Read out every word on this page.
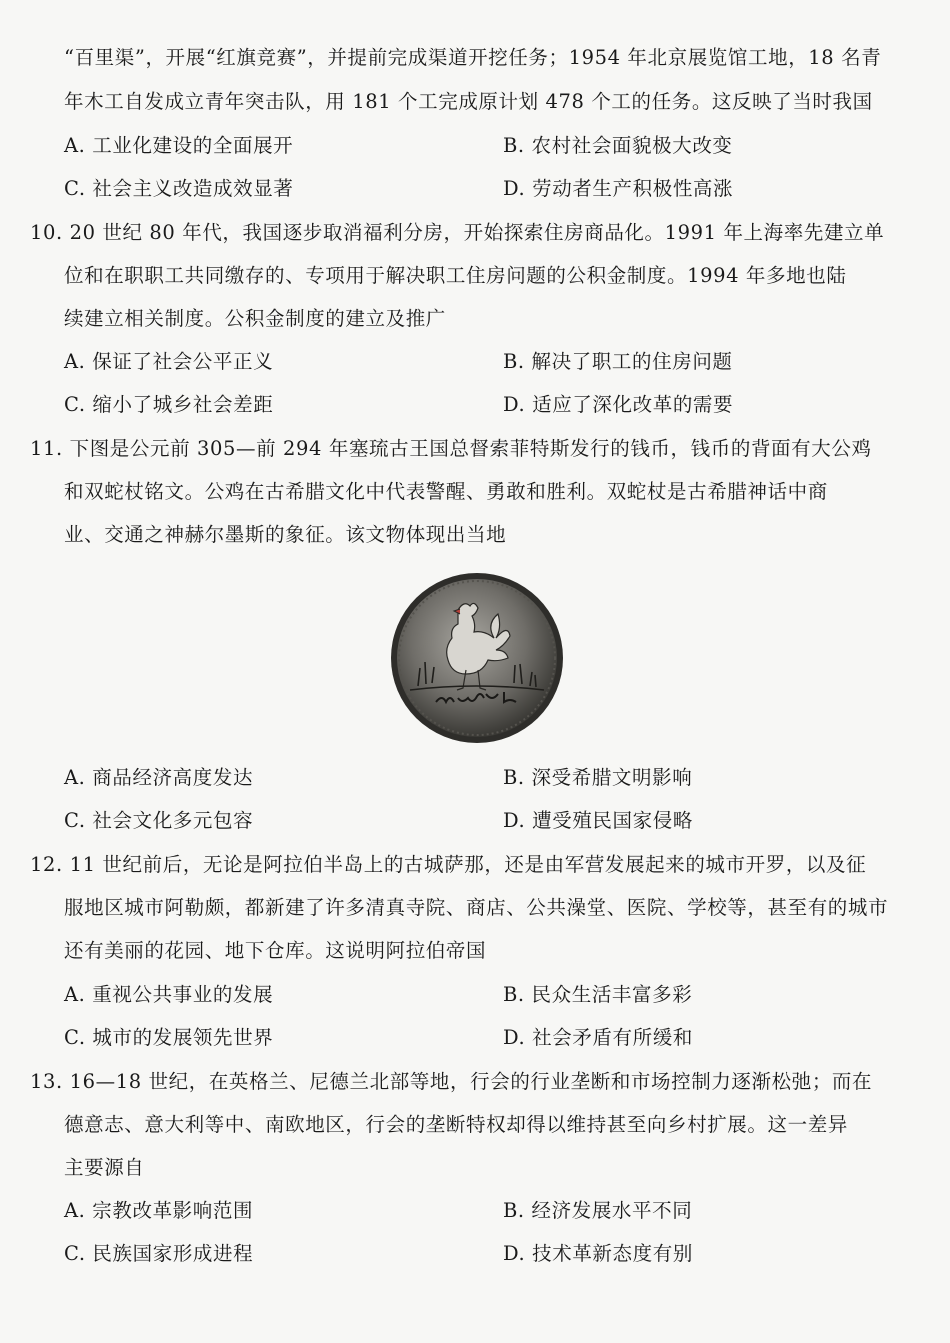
“百里渠”，开展“红旗竞赛”，并提前完成渠道开挖任务；1954 年北京展览馆工地，18 名青
年木工自发成立青年突击队，用 181 个工完成原计划 478 个工的任务。这反映了当时我国
A. 工业化建设的全面展开	B. 农村社会面貌极大改变
C. 社会主义改造成效显著	D. 劳动者生产积极性高涨
10. 20 世纪 80 年代，我国逐步取消福利分房，开始探索住房商品化。1991 年上海率先建立单
位和在职职工共同缴存的、专项用于解决职工住房问题的公积金制度。1994 年多地也陆
续建立相关制度。公积金制度的建立及推广
A. 保证了社会公平正义	B. 解决了职工的住房问题
C. 缩小了城乡社会差距	D. 适应了深化改革的需要
11. 下图是公元前 305—前 294 年塞琉古王国总督索菲特斯发行的钱币，钱币的背面有大公鸡
和双蛇杖铭文。公鸡在古希腊文化中代表警醒、勇敢和胜利。双蛇杖是古希腊神话中商
业、交通之神赫尔墨斯的象征。该文物体现出当地
A. 商品经济高度发达	B. 深受希腊文明影响
C. 社会文化多元包容	D. 遭受殖民国家侵略
12. 11 世纪前后，无论是阿拉伯半岛上的古城萨那，还是由军营发展起来的城市开罗，以及征
服地区城市阿勒颇，都新建了许多清真寺院、商店、公共澡堂、医院、学校等，甚至有的城市
还有美丽的花园、地下仓库。这说明阿拉伯帝国
A. 重视公共事业的发展	B. 民众生活丰富多彩
C. 城市的发展领先世界	D. 社会矛盾有所缓和
13. 16—18 世纪，在英格兰、尼德兰北部等地，行会的行业垄断和市场控制力逐渐松弛；而在
德意志、意大利等中、南欧地区，行会的垄断特权却得以维持甚至向乡村扩展。这一差异
主要源自
A. 宗教改革影响范围	B. 经济发展水平不同
C. 民族国家形成进程	D. 技术革新态度有别
